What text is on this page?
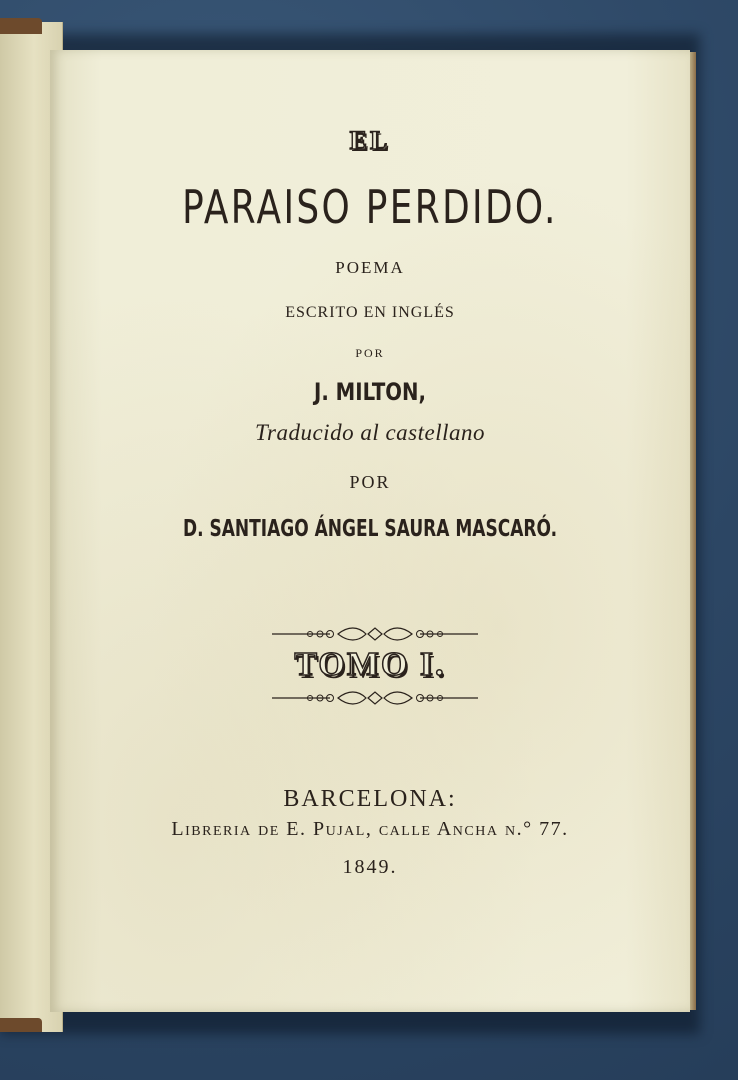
EL
PARAISO PERDIDO.
POEMA
ESCRITO EN INGLÉS
POR
J. MILTON,
Traducido al castellano
POR
D. SANTIAGO ÁNGEL SAURA MASCARÓ.
TOMO I.
BARCELONA:
Libreria de E. Pujal, calle Ancha n.° 77.
1849.
